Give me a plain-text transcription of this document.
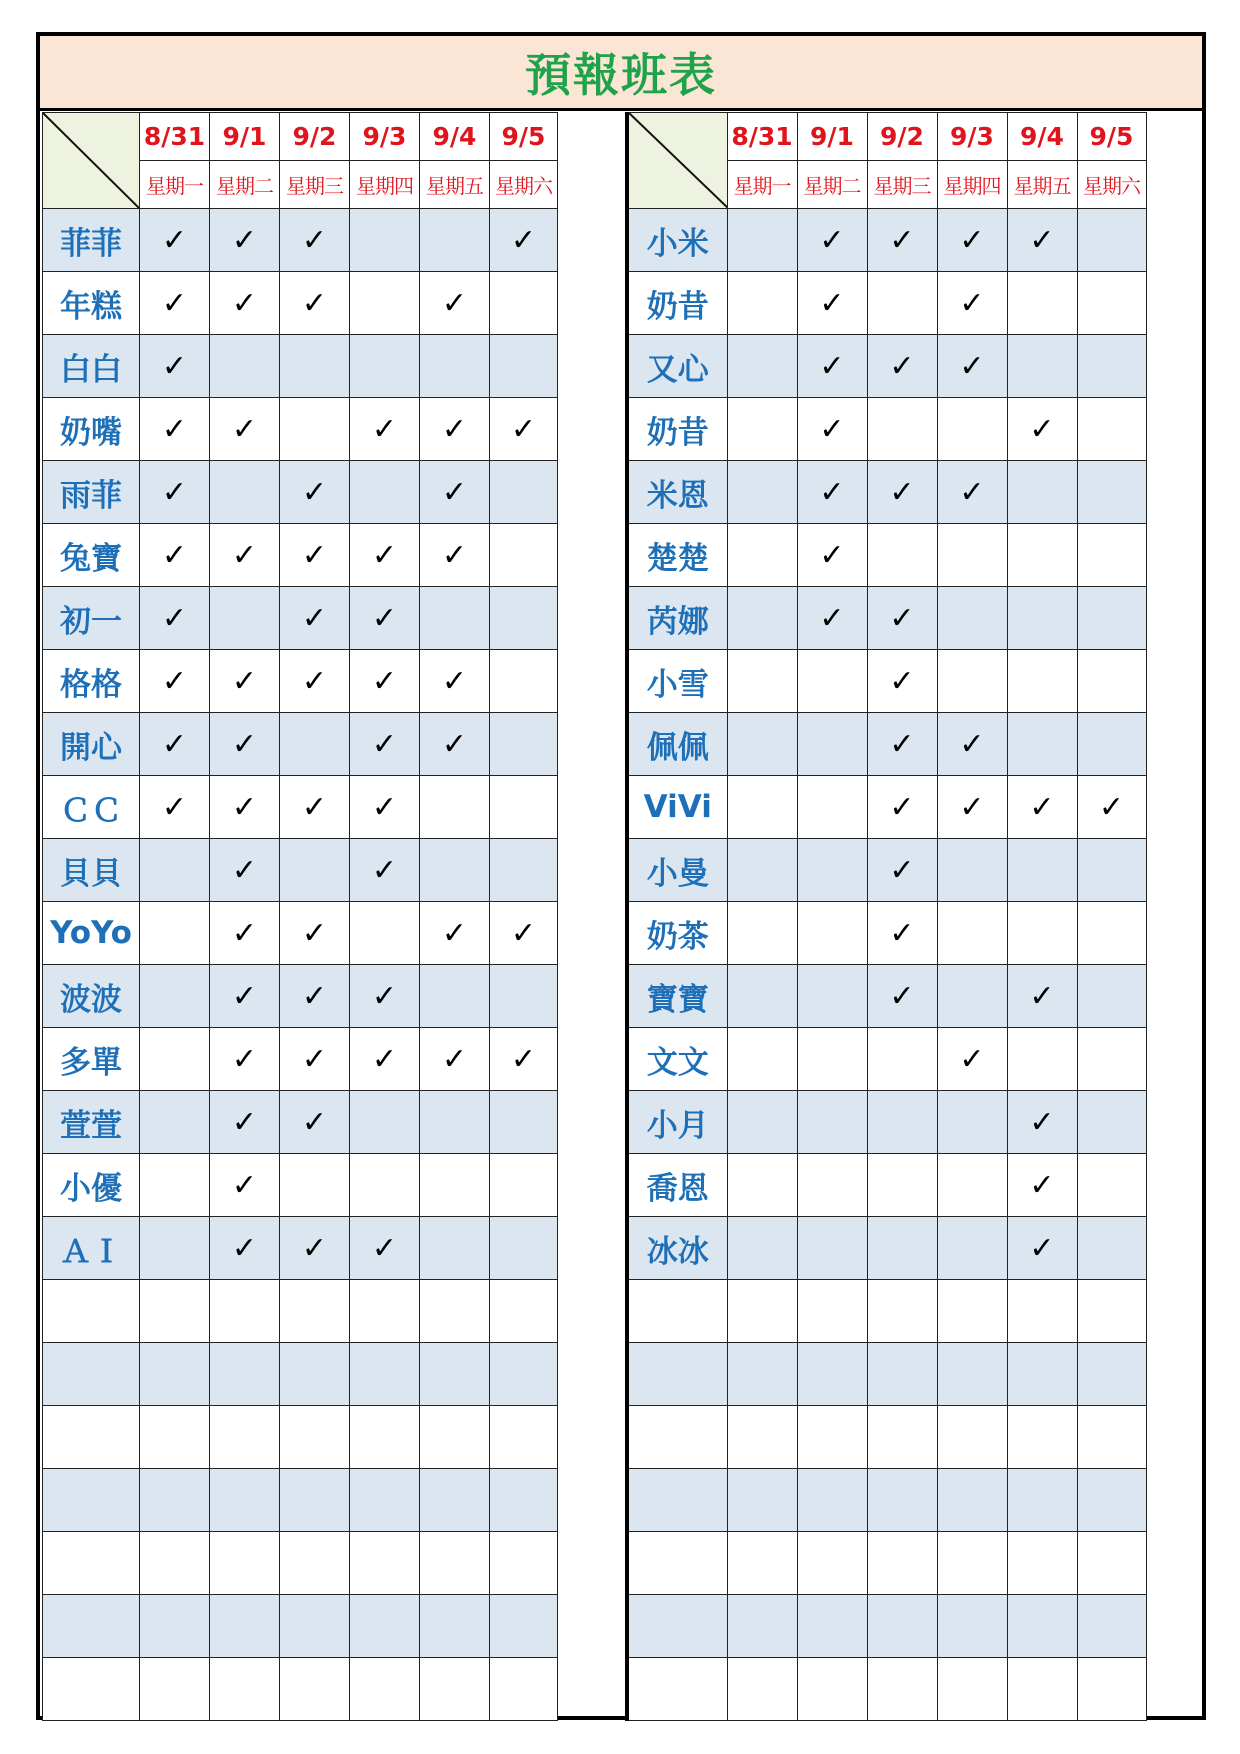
預報班表
	8/31	9/1	9/2	9/3	9/4	9/5
	星期一	星期二	星期三	星期四	星期五	星期六
菲菲	✓	✓	✓			✓
年糕	✓	✓	✓		✓	
白白	✓					
奶嘴	✓	✓		✓	✓	✓
雨菲	✓		✓		✓	
兔寶	✓	✓	✓	✓	✓	
初一	✓		✓	✓		
格格	✓	✓	✓	✓	✓	
開心	✓	✓		✓	✓	
ＣＣ	✓	✓	✓	✓		
貝貝		✓		✓		
YoYo		✓	✓		✓	✓
波波		✓	✓	✓		
多單		✓	✓	✓	✓	✓
萱萱		✓	✓			
小優		✓				
ＡＩ		✓	✓	✓		

	8/31	9/1	9/2	9/3	9/4	9/5
	星期一	星期二	星期三	星期四	星期五	星期六
小米		✓	✓	✓	✓	
奶昔		✓		✓		
又心		✓	✓	✓		
奶昔		✓			✓	
米恩		✓	✓	✓		
楚楚		✓				
芮娜		✓	✓			
小雪			✓			
佩佩			✓	✓		
ViVi			✓	✓	✓	✓
小曼			✓			
奶茶			✓			
寶寶			✓		✓	
文文				✓		
小月					✓	
喬恩					✓	
冰冰					✓	
